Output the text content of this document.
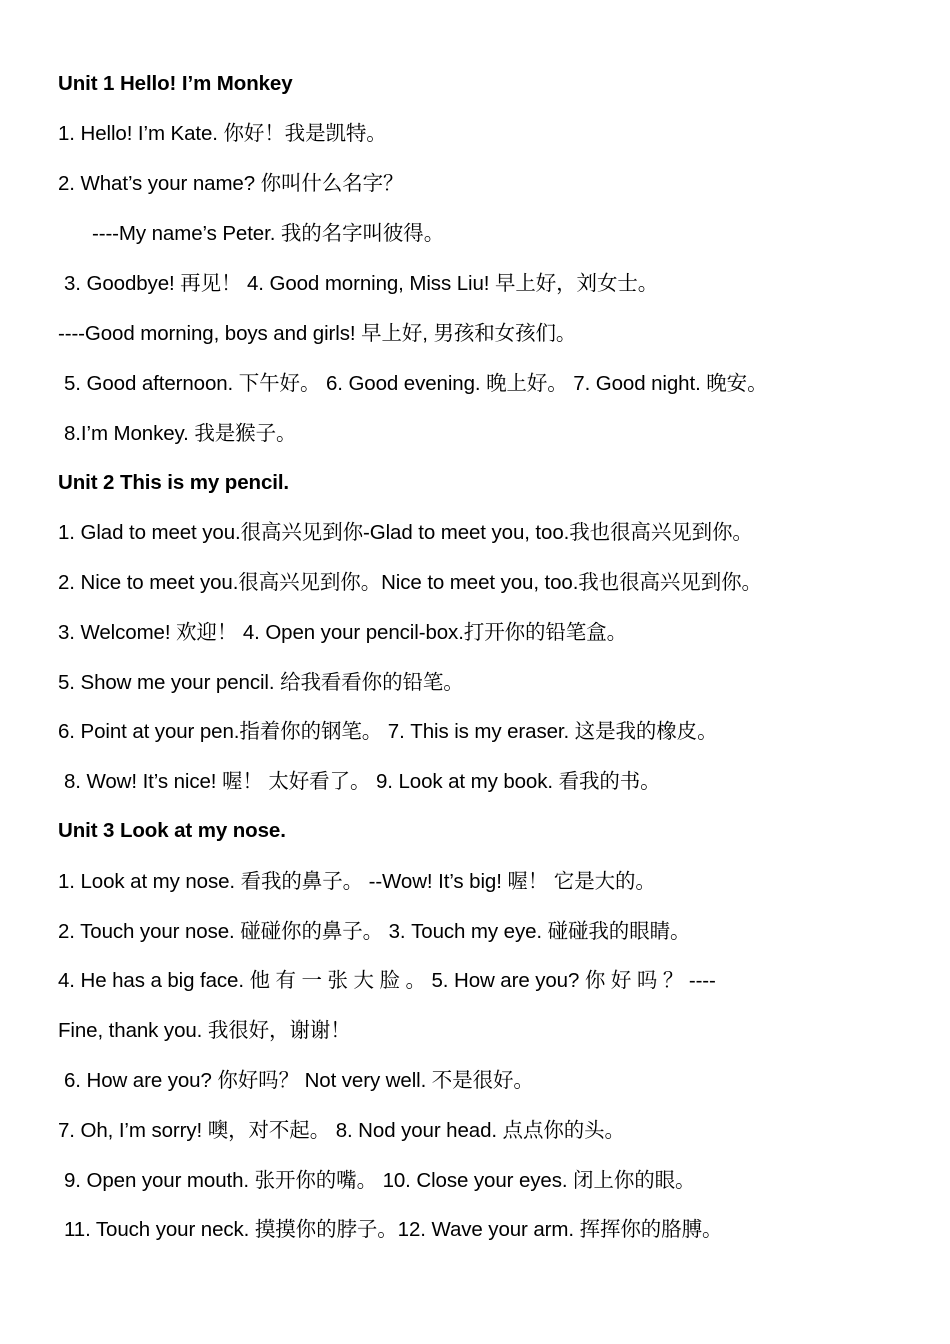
Unit 1 Hello! I’m Monkey
1. Hello! I’m Kate. 你好！我是凯特。
2. What’s your name? 你叫什么名字？
----My name’s Peter. 我的名字叫彼得。
3. Goodbye! 再见！ 4. Good morning, Miss Liu! 早上好，刘女士。
----Good morning, boys and girls! 早上好, 男孩和女孩们。
5. Good afternoon. 下午好。 6. Good evening. 晚上好。 7. Good night. 晚安。
8.I’m Monkey. 我是猴子。
Unit 2 This is my pencil.
1. Glad to meet you.很高兴见到你-Glad to meet you, too.我也很高兴见到你。
2. Nice to meet you.很高兴见到你。Nice to meet you, too.我也很高兴见到你。
3. Welcome! 欢迎！ 4. Open your pencil-box.打开你的铅笔盒。
5. Show me your pencil. 给我看看你的铅笔。
6. Point at your pen.指着你的钢笔。 7. This is my eraser. 这是我的橡皮。
8. Wow! It’s nice! 喔！ 太好看了。 9. Look at my book. 看我的书。
Unit 3 Look at my nose.
1. Look at my nose. 看我的鼻子。 --Wow! It’s big! 喔！ 它是大的。
2. Touch your nose. 碰碰你的鼻子。 3. Touch my eye. 碰碰我的眼睛。
4. He has a big face. 他 有 一 张 大 脸 。 5. How are you? 你 好 吗 ？ ----
Fine, thank you. 我很好，谢谢！
6. How are you? 你好吗？ Not very well. 不是很好。
7. Oh, I’m sorry! 噢，对不起。 8. Nod your head. 点点你的头。
9. Open your mouth. 张开你的嘴。 10. Close your eyes. 闭上你的眼。
11. Touch your neck. 摸摸你的脖子。12. Wave your arm. 挥挥你的胳膊。
